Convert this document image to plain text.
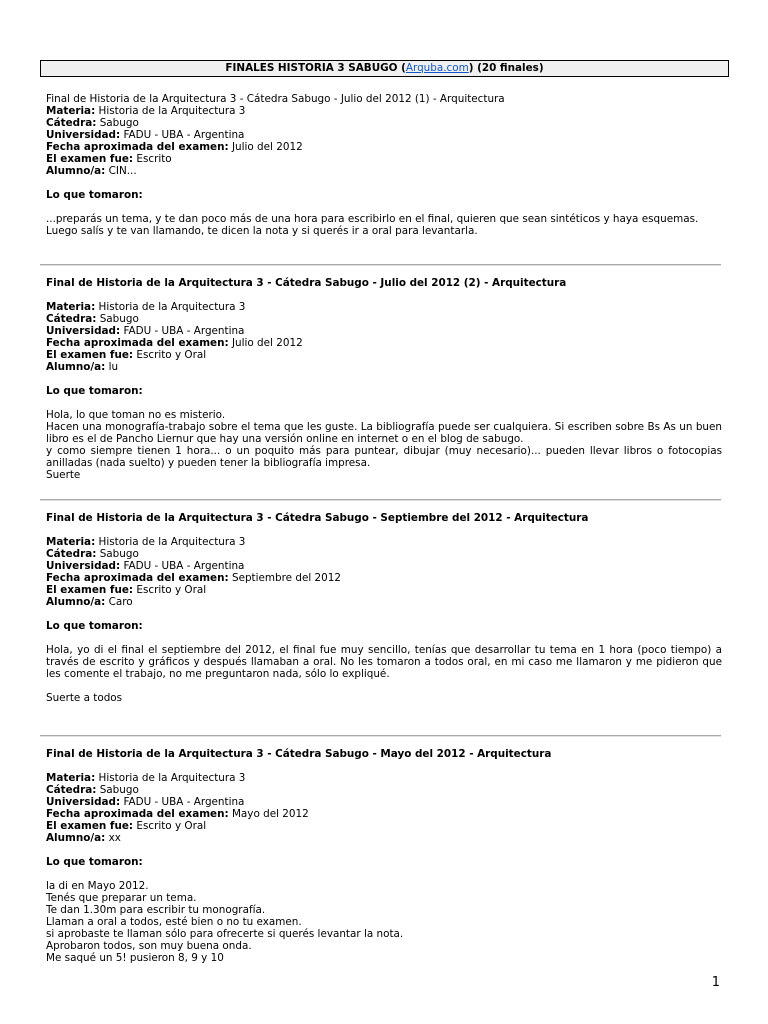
FINALES HISTORIA 3 SABUGO (Arquba.com) (20 finales)
Final de Historia de la Arquitectura 3 - Cátedra Sabugo - Julio del 2012 (1) - Arquitectura
Materia: Historia de la Arquitectura 3
Cátedra: Sabugo
Universidad: FADU - UBA - Argentina
Fecha aproximada del examen: Julio del 2012
El examen fue: Escrito
Alumno/a: CIN...
Lo que tomaron:
...preparás un tema, y te dan poco más de una hora para escribirlo en el final, quieren que sean sintéticos y haya esquemas.
Luego salís y te van llamando, te dicen la nota y si querés ir a oral para levantarla.
Final de Historia de la Arquitectura 3 - Cátedra Sabugo - Julio del 2012 (2) - Arquitectura
Materia: Historia de la Arquitectura 3
Cátedra: Sabugo
Universidad: FADU - UBA - Argentina
Fecha aproximada del examen: Julio del 2012
El examen fue: Escrito y Oral
Alumno/a: lu
Lo que tomaron:
Hola, lo que toman no es misterio.
Hacen una monografía-trabajo sobre el tema que les guste. La bibliografía puede ser cualquiera. Si escriben sobre Bs As un buen libro es el de Pancho Liernur que hay una versión online en internet o en el blog de sabugo.
y como siempre tienen 1 hora... o un poquito más para puntear, dibujar (muy necesario)... pueden llevar libros o fotocopias anilladas (nada suelto) y pueden tener la bibliografía impresa.
Suerte
Final de Historia de la Arquitectura 3 - Cátedra Sabugo - Septiembre del 2012 - Arquitectura
Materia: Historia de la Arquitectura 3
Cátedra: Sabugo
Universidad: FADU - UBA - Argentina
Fecha aproximada del examen: Septiembre del 2012
El examen fue: Escrito y Oral
Alumno/a: Caro
Lo que tomaron:
Hola, yo di el final el septiembre del 2012, el final fue muy sencillo, tenías que desarrollar tu tema en 1 hora (poco tiempo) a través de escrito y gráficos y después llamaban a oral. No les tomaron a todos oral, en mi caso me llamaron y me pidieron que les comente el trabajo, no me preguntaron nada, sólo lo expliqué.
Suerte a todos
Final de Historia de la Arquitectura 3 - Cátedra Sabugo - Mayo del 2012 - Arquitectura
Materia: Historia de la Arquitectura 3
Cátedra: Sabugo
Universidad: FADU - UBA - Argentina
Fecha aproximada del examen: Mayo del 2012
El examen fue: Escrito y Oral
Alumno/a: xx
Lo que tomaron:
la di en Mayo 2012.
Tenés que preparar un tema.
Te dan 1.30m para escribir tu monografía.
Llaman a oral a todos, esté bien o no tu examen.
si aprobaste te llaman sólo para ofrecerte si querés levantar la nota.
Aprobaron todos, son muy buena onda.
Me saqué un 5! pusieron 8, 9 y 10
1
